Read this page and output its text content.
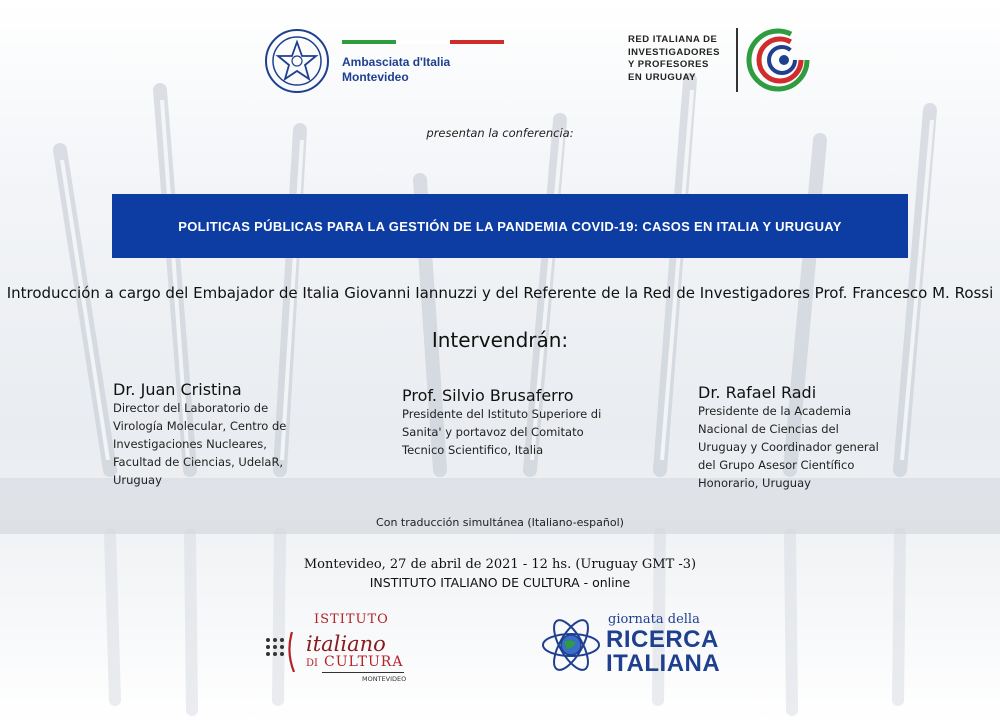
Ambasciata d'Italia
Montevideo
RED ITALIANA DE
INVESTIGADORES
Y PROFESORES
EN URUGUAY
presentan la conferencia:
POLITICAS PÚBLICAS PARA LA GESTIÓN DE LA PANDEMIA COVID-19: CASOS EN ITALIA Y URUGUAY
Introducción a cargo del Embajador de Italia Giovanni Iannuzzi y del Referente de la Red de Investigadores Prof. Francesco M. Rossi
Intervendrán:
Dr. Juan Cristina
Director del Laboratorio de
Virología Molecular, Centro de
Investigaciones Nucleares,
Facultad de Ciencias, UdelaR,
Uruguay
Prof. Silvio Brusaferro
Presidente del Istituto Superiore di
Sanita' y portavoz del Comitato
Tecnico Scientifico, Italia
Dr. Rafael Radi
Presidente de la Academia
Nacional de Ciencias del
Uruguay y Coordinador general
del Grupo Asesor Científico
Honorario, Uruguay
Con traducción simultánea (Italiano-español)
Montevideo, 27 de abril de 2021 - 12 hs. (Uruguay GMT -3)
INSTITUTO ITALIANO DE CULTURA - online
ISTITUTO
italiano
DI CULTURA
MONTEVIDEO
giornata della
RICERCA
ITALIANA
